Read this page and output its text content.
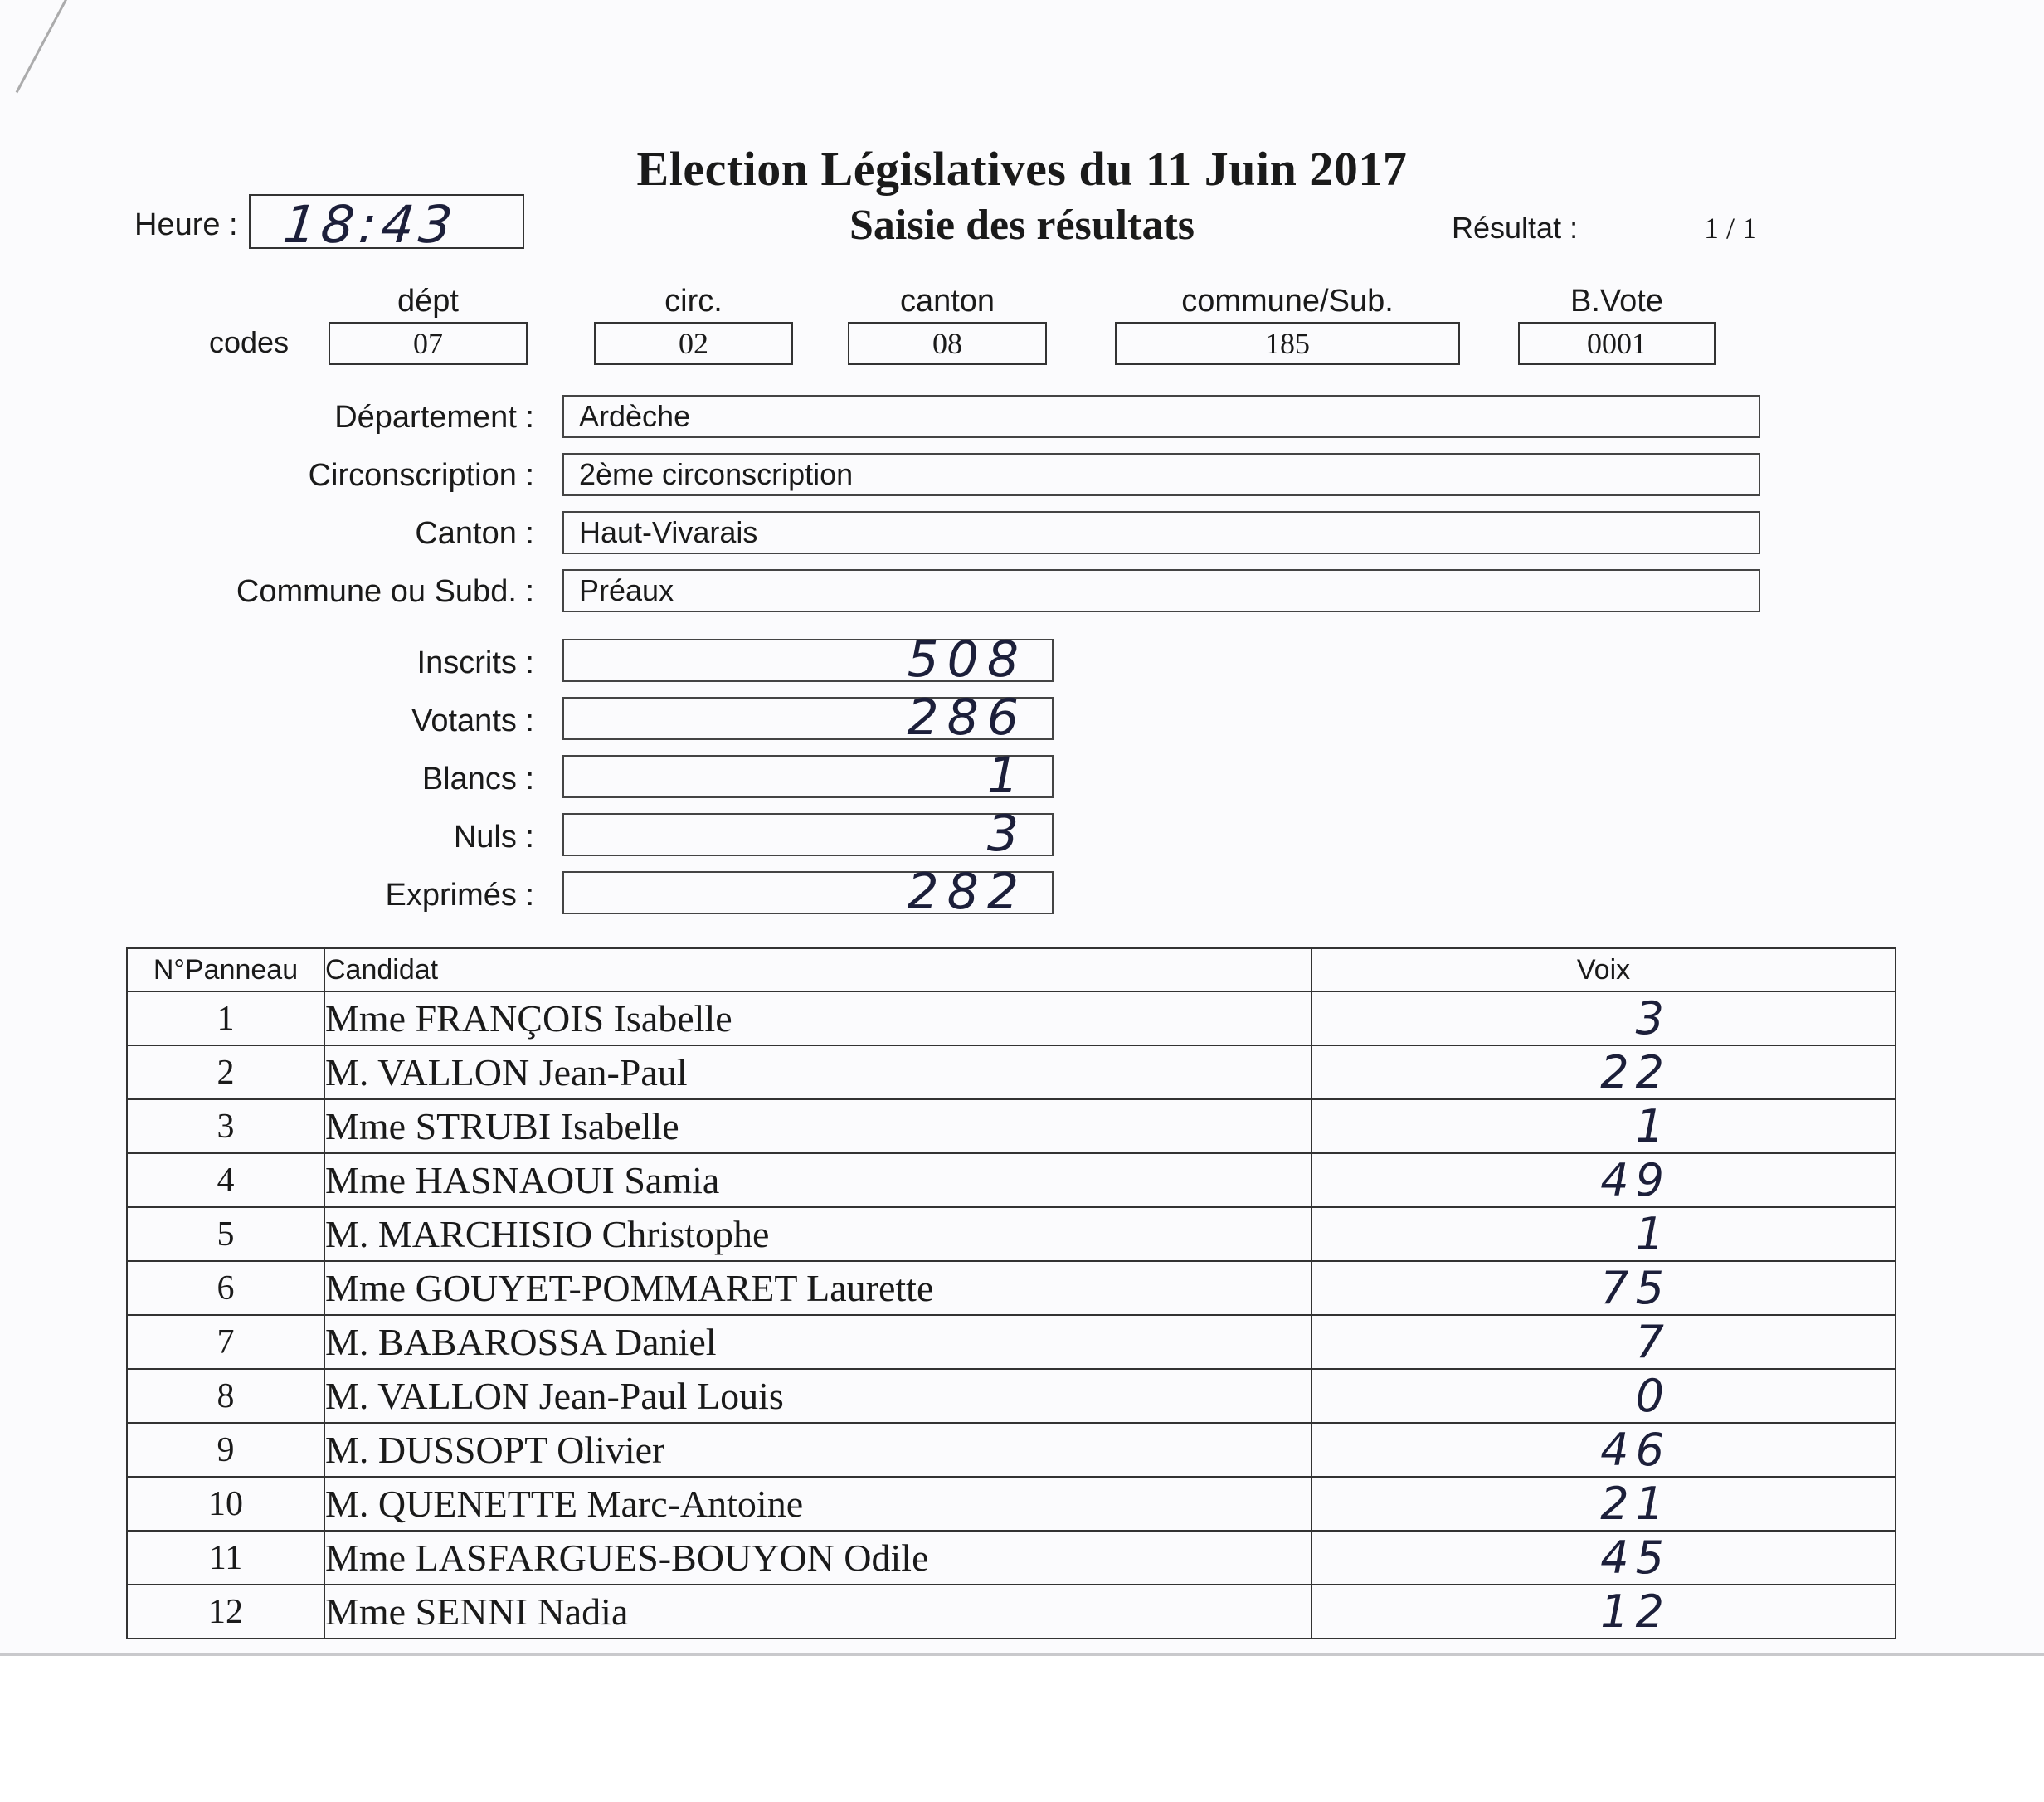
Election Législatives du 11 Juin 2017
Saisie des résultats
Heure : 18:43	Résultat :	1 / 1
codes
dépt
07
circ.
02
canton
08
commune/Sub.
185
B.Vote
0001
Département :	Ardèche
Circonscription :	2ème circonscription
Canton :	Haut-Vivarais
Commune ou Subd. :	Préaux
Inscrits :	508
Votants :	286
Blancs :	1
Nuls :	3
Exprimés :	282
N°Panneau	Candidat	Voix
1	Mme FRANÇOIS Isabelle	3
2	M. VALLON Jean-Paul	22
3	Mme STRUBI Isabelle	1
4	Mme HASNAOUI Samia	49
5	M. MARCHISIO Christophe	1
6	Mme GOUYET-POMMARET Laurette	75
7	M. BABAROSSA Daniel	7
8	M. VALLON Jean-Paul Louis	0
9	M. DUSSOPT Olivier	46
10	M. QUENETTE Marc-Antoine	21
11	Mme LASFARGUES-BOUYON Odile	45
12	Mme SENNI Nadia	12
